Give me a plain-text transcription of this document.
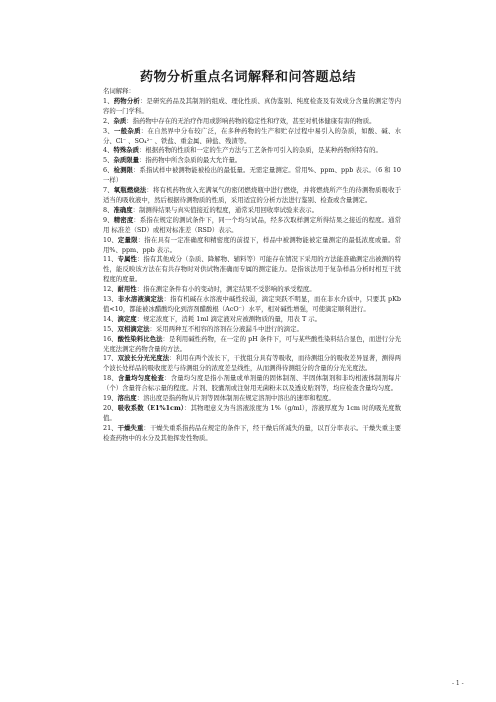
药物分析重点名词解释和问答题总结

名词解释：

1、药物分析：是研究药品及其制剂的组成、理化性质、真伪鉴别、纯度检查及有效成分含量的测定等内容的一门学科。

2、杂质：指药物中存在的无治疗作用或影响药物的稳定性和疗效，甚至对机体健康有害的物质。

3、一般杂质：在自然界中分布较广泛，在多种药物的生产和贮存过程中易引入的杂质，如酸、碱、水分、Cl⁻ 、SO₄²⁻ 、铁盐、重金属、砷盐、残渣等。

4、特殊杂质：根据药物的性质和一定的生产方法与工艺条件可引入的杂质，是某种药物所特有的。

5、杂质限量：指药物中所含杂质的最大允许量。

6、检测限：系指试样中被测物能被检出的最低量。无需定量测定。常用%、ppm、ppb 表示。（6 和 10 一样）

7、氧瓶燃烧法：将有机药物放入充满氧气的密闭燃烧瓶中进行燃烧，并将燃烧所产生的待测物质吸收于适当的吸收液中，然后根据待测物质的性质，采用适宜的分析方法进行鉴别、检查或含量测定。

8、准确度：制测得结果与真实值接近的程度，通常采用回收率试验来表示。

9、精密度：系指在规定的测试条件下，同一个均匀试品，经多次取样测定所得结果之接近的程度。通常用 标准差（SD）或相对标准差（RSD）表示。

10、定量限：指在具有一定准确度和精密度的前提下，样品中被测物能被定量测定的最低浓度或量。常用%、ppm、ppb 表示。

11、专属性：指有其他成分（杂质、降解物、辅料等）可能存在情况下采用的方法能准确测定出被测的特性，能反映该方法在有共存物时对供试物准确而专属的测定能力。是指该法用于复杂样品分析时相互干扰程度的度量。

12、耐用性：指在测定条件有小的变动时，测定结果不受影响的承受程度。

13、非水溶液滴定法：指有机碱在水溶液中碱性较弱，滴定突跃不明显，而在非水介质中，只要其 pKb 值<10，都能被冰醋酸均化到溶剂醋酸根（AcO⁻）水平，相对碱性增强，可使滴定顺利进行。

14、滴定度：规定浓度下，消耗 1ml 滴定液对应被测物质的量，用表 T 示。

15、双相滴定法：采用两种互不相容的溶剂在分液漏斗中进行的滴定。

16、酸性染料比色法：是利用碱性药物，在一定的 pH 条件下，可与某些酸性染料结合显色，而进行分光光度法测定药物含量的方法。

17、双波长分光光度法：利用在两个波长下，干扰组分具有等吸收，而待测组分的吸收差异显著，测得两个波长处样品的吸收度差与待测组分的浓度差呈线性，从而测得待测组分的含量的分光光度法。

18、含量均匀度检查：含量均匀度是指小剂量或单剂量的固体制剂、半固体制剂和非均相液体制剂每片（个）含量符合标示量的程度。片剂、胶囊剂或注射用无菌粉末以及透皮贴剂等，均应检查含量均匀度。

19、溶出度：溶出度是指药物从片剂等固体制剂在规定溶剂中溶出的速率和程度。

20、吸收系数（E1%1cm）：其物理意义为当溶液浓度为 1%（g/ml），溶液厚度为 1cm 时的吸光度数值。

21、干燥失重：干燥失重系指药品在规定的条件下，经干燥后所减失的量，以百分率表示。干燥失重主要检查药物中的水分及其他挥发性物质。

- 1 -
